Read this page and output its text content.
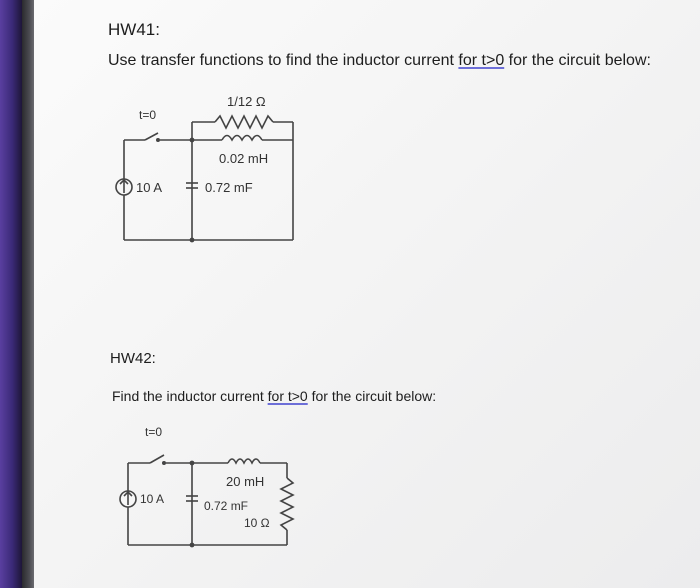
HW41:
Use transfer functions to find the inductor current for t>0 for the circuit below:
t=0
1/12 Ω
0.02 mH
10 A	0.72 mF
HW42:
Find the inductor current for t>0 for the circuit below:
t=0
20 mH
10 A	0.72 mF
10 Ω
